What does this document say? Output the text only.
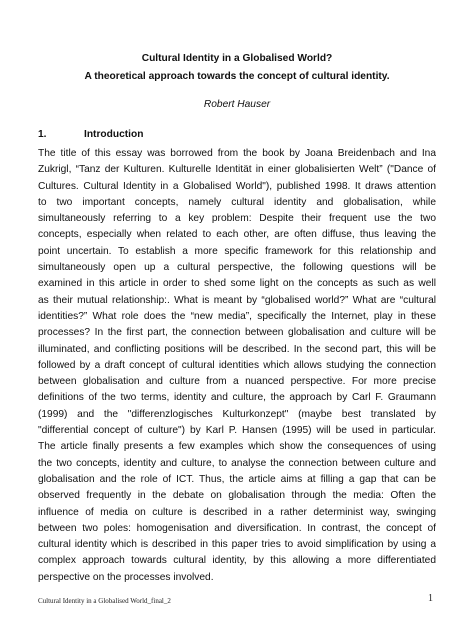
Cultural Identity in a Globalised World?
A theoretical approach towards the concept of cultural identity.
Robert Hauser
1.	Introduction
The title of this essay was borrowed from the book by Joana Breidenbach and Ina
Zukrigl, “Tanz der Kulturen. Kulturelle Identität in einer globalisierten Welt” ("Dance of
Cultures. Cultural Identity in a Globalised World"), published 1998. It draws attention
to two important concepts, namely cultural identity and globalisation, while
simultaneously referring to a key problem: Despite their frequent use the two
concepts, especially when related to each other, are often diffuse, thus leaving the
point uncertain. To establish a more specific framework for this relationship and
simultaneously open up a cultural perspective, the following questions will be
examined in this article in order to shed some light on the concepts as such as well
as their mutual relationship:. What is meant by “globalised world?” What are “cultural
identities?” What role does the “new media”, specifically the Internet, play in these
processes? In the first part, the connection between globalisation and culture will be
illuminated, and conflicting positions will be described. In the second part, this will be
followed by a draft concept of cultural identities which allows studying the connection
between globalisation and culture from a nuanced perspective. For more precise
definitions of the two terms, identity and culture, the approach by Carl F. Graumann
(1999) and the "differenzlogisches Kulturkonzept" (maybe best translated by
"differential concept of culture") by Karl P. Hansen (1995) will be used in particular.
The article finally presents a few examples which show the consequences of using
the two concepts, identity and culture, to analyse the connection between culture and
globalisation and the role of ICT. Thus, the article aims at filling a gap that can be
observed frequently in the debate on globalisation through the media: Often the
influence of media on culture is described in a rather determinist way, swinging
between two poles: homogenisation and diversification. In contrast, the concept of
cultural identity which is described in this paper tries to avoid simplification by using a
complex approach towards cultural identity, by this allowing a more differentiated
perspective on the processes involved.
Cultural Identity in a Globalised World_final_2	1
